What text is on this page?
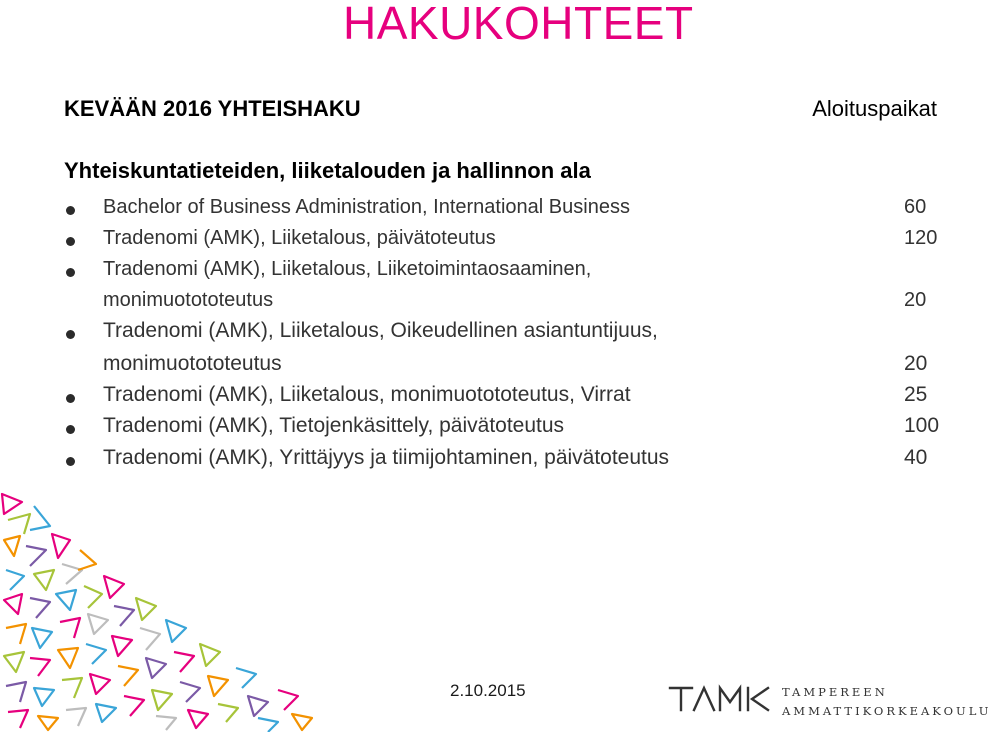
HAKUKOHTEET
KEVÄÄN 2016 YHTEISHAKU	Aloituspaikat
Yhteiskuntatieteiden, liiketalouden ja hallinnon ala
Bachelor of Business Administration, International Business	60
Tradenomi (AMK), Liiketalous, päivätoteutus	120
Tradenomi (AMK), Liiketalous, Liiketoimintaosaaminen,
monimuotototeutus	20
Tradenomi (AMK), Liiketalous, Oikeudellinen asiantuntijuus,
monimuotototeutus	20
Tradenomi (AMK), Liiketalous, monimuotototeutus, Virrat	25
Tradenomi (AMK), Tietojenkäsittely, päivätoteutus	100
Tradenomi (AMK), Yrittäjyys ja tiimijohtaminen, päivätoteutus	40
2.10.2015	TAMPEREEN
AMMATTIKORKEAKOULU
